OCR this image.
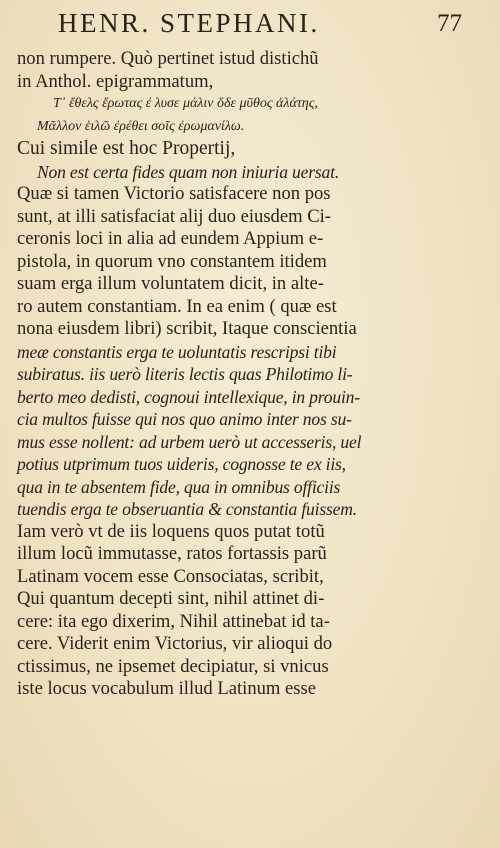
HENR. STEPHANI.	77
non rumpere. Quò pertinet istud distichũ
in Anthol. epigrammatum,
Τ᾽ ἔθελς ἔρωτας ἐ λυσε μάλιν ὅδε μῦθος ἀλάτης,
Μᾶλλον ἑιλῶ ἐρέθει σοῖς ἐρωμανίλω.
Cui simile est hoc Propertij,
Non est certa fides quam non iniuria uersat.
Quæ si tamen Victorio satisfacere non pos
sunt, at illi satisfaciat alij duo eiusdem Ci-
ceronis loci in alia ad eundem Appium e-
pistola, in quorum vno constantem itidem
suam erga illum voluntatem dicit, in alte-
ro autem constantiam. In ea enim ( quæ est
nona eiusdem libri) scribit, Itaque conscientia
meæ constantis erga te uoluntatis rescripsi tibi
subiratus. iis uerò literis lectis quas Philotimo li-
berto meo dedisti, cognoui intellexique, in prouin-
cia multos fuisse qui nos quo animo inter nos su-
mus esse nollent: ad urbem uerò ut accesseris, uel
potius utprimum tuos uideris, cognosse te ex iis,
qua in te absentem fide, qua in omnibus officiis
tuendis erga te obseruantia & constantia fuissem.
Iam verò vt de iis loquens quos putat totũ
illum locũ immutasse, ratos fortassis parũ
Latinam vocem esse Consociatas, scribit,
Qui quantum decepti sint, nihil attinet di-
cere: ita ego dixerim, Nihil attinebat id ta-
cere. Viderit enim Victorius, vir alioqui do
ctissimus, ne ipsemet decipiatur, si vnicus
iste locus vocabulum illud Latinum esse
